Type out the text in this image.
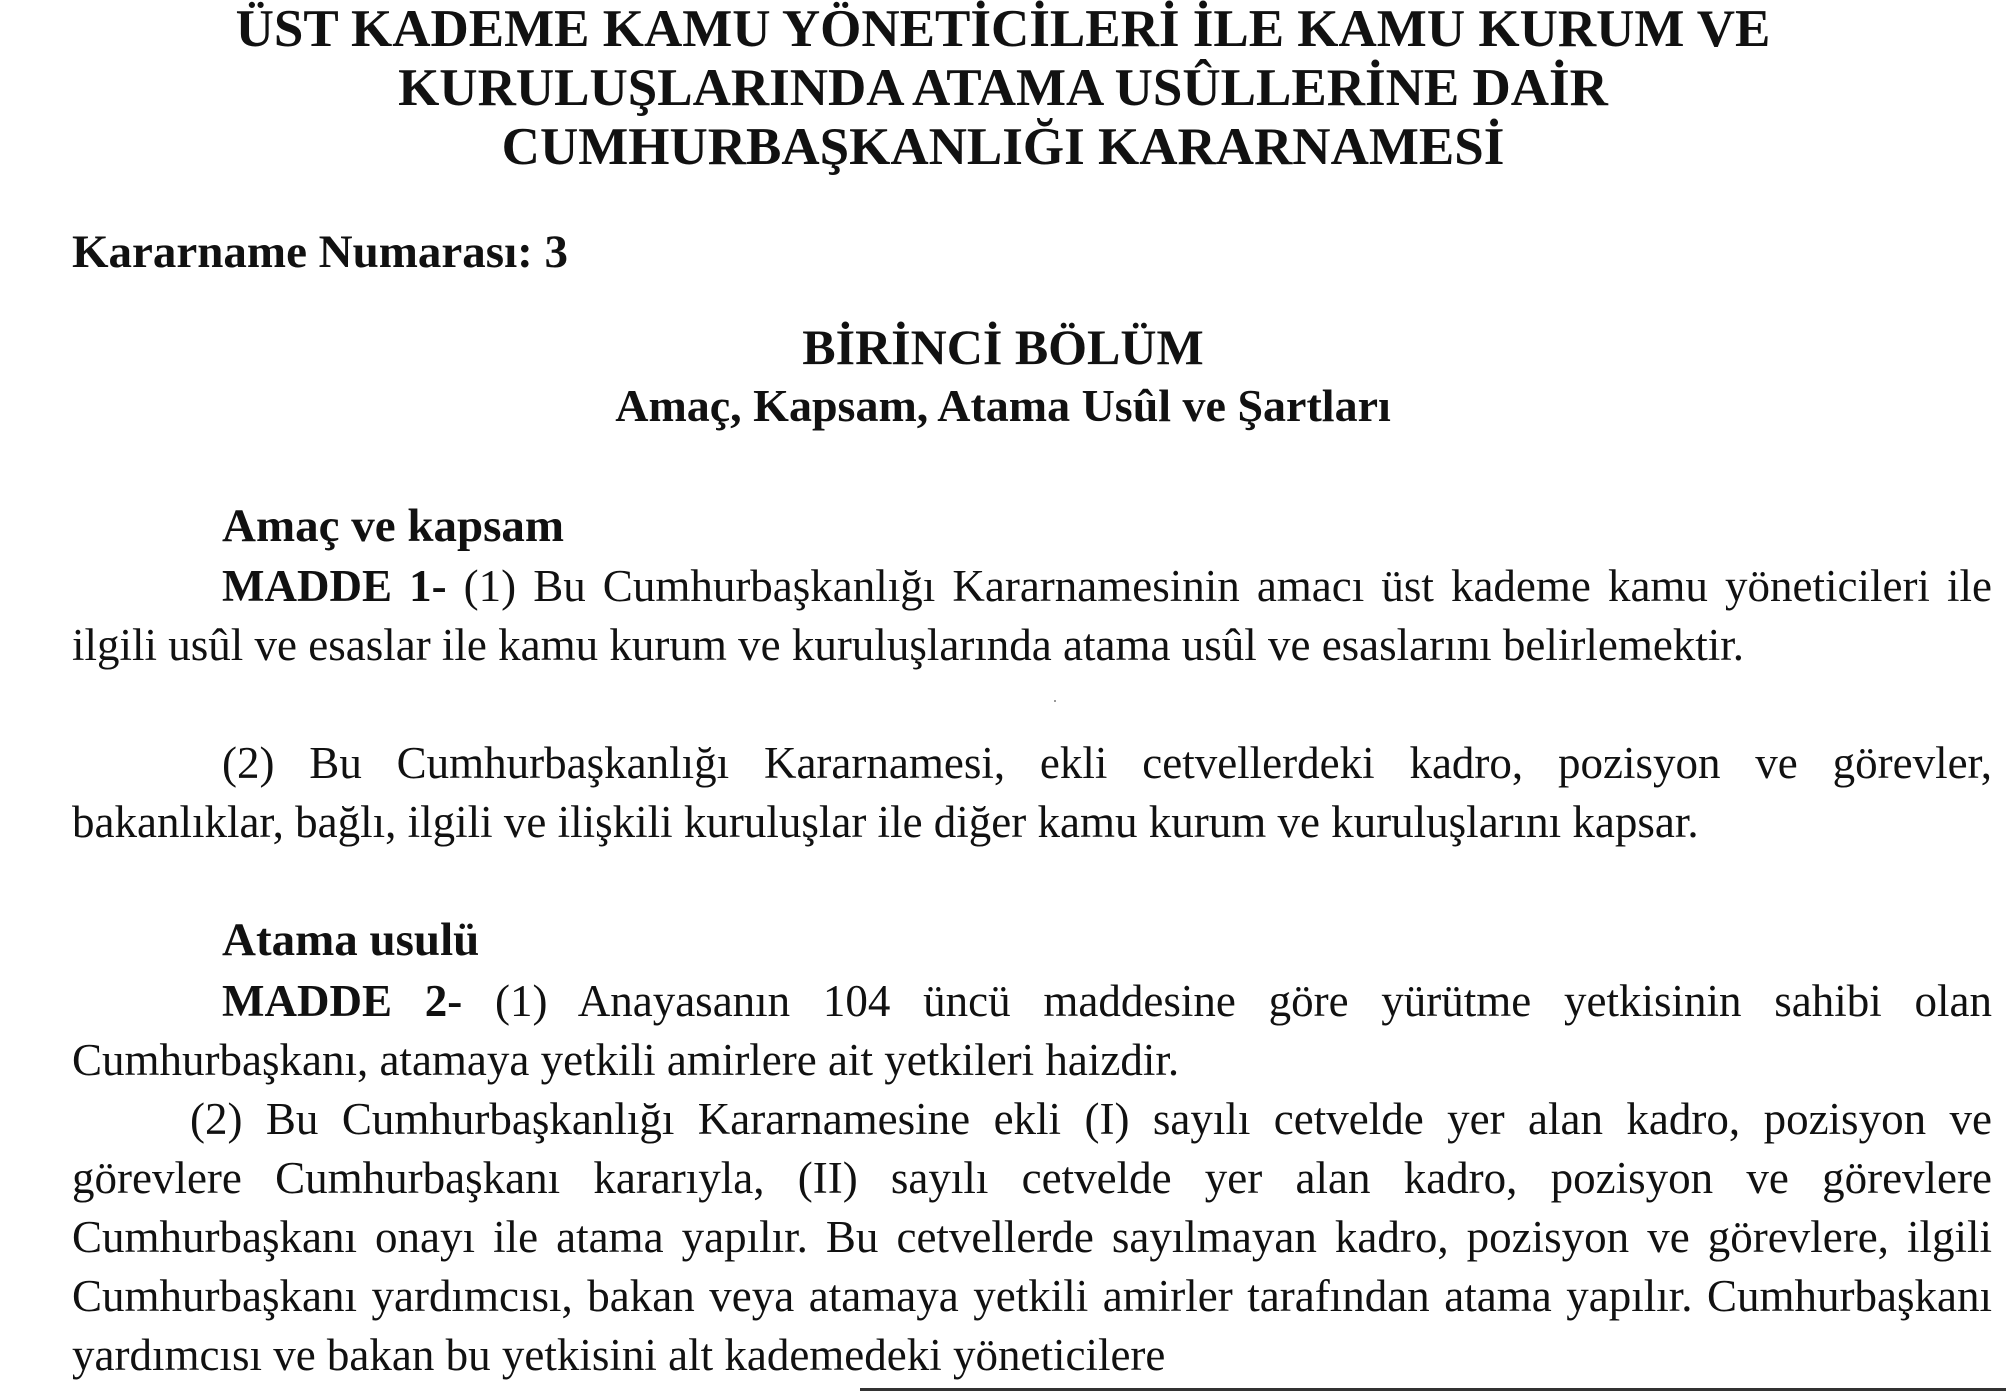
ÜST KADEME KAMU YÖNETİCİLERİ İLE KAMU KURUM VE
KURULUŞLARINDA ATAMA USÛLLERİNE DAİR
CUMHURBAŞKANLIĞI KARARNAMESİ
Kararname Numarası: 3
BİRİNCİ BÖLÜM
Amaç, Kapsam, Atama Usûl ve Şartları
Amaç ve kapsam
MADDE 1- (1) Bu Cumhurbaşkanlığı Kararnamesinin amacı üst kademe kamu yöneticileri ile ilgili usûl ve esaslar ile kamu kurum ve kuruluşlarında atama usûl ve esaslarını belirlemektir.
(2) Bu Cumhurbaşkanlığı Kararnamesi, ekli cetvellerdeki kadro, pozisyon ve görevler, bakanlıklar, bağlı, ilgili ve ilişkili kuruluşlar ile diğer kamu kurum ve kuruluşlarını kapsar.
Atama usulü
MADDE 2- (1) Anayasanın 104 üncü maddesine göre yürütme yetkisinin sahibi olan Cumhurbaşkanı, atamaya yetkili amirlere ait yetkileri haizdir.
(2) Bu Cumhurbaşkanlığı Kararnamesine ekli (I) sayılı cetvelde yer alan kadro, pozisyon ve görevlere Cumhurbaşkanı kararıyla, (II) sayılı cetvelde yer alan kadro, pozisyon ve görevlere Cumhurbaşkanı onayı ile atama yapılır. Bu cetvellerde sayılmayan kadro, pozisyon ve görevlere, ilgili Cumhurbaşkanı yardımcısı, bakan veya atamaya yetkili amirler tarafından atama yapılır. Cumhurbaşkanı yardımcısı ve bakan bu yetkisini alt kademedeki yöneticilere
